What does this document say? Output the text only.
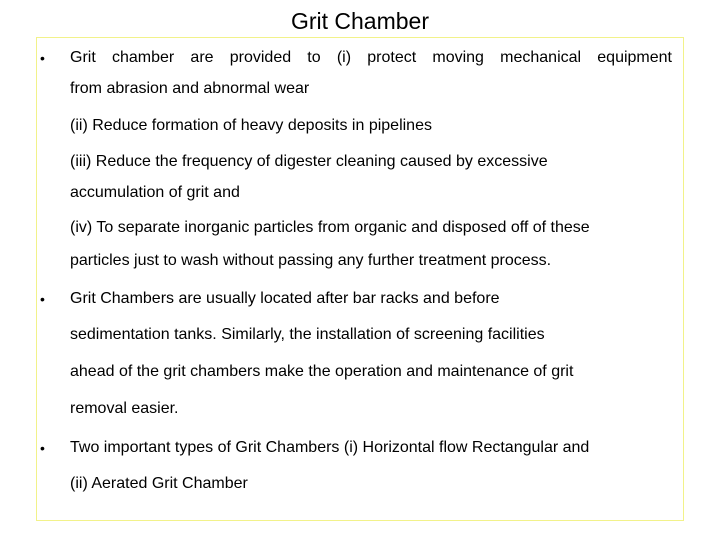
Grit Chamber
• Grit chamber are provided to (i) protect moving mechanical equipment

from abrasion and abnormal wear

(ii) Reduce formation of heavy deposits in pipelines

(iii) Reduce the frequency of digester cleaning caused by excessive

accumulation of grit and

(iv) To separate inorganic particles from organic and disposed off of these

particles just to wash without passing any further treatment process.

• Grit Chambers are usually located after bar racks and before

sedimentation tanks. Similarly, the installation of screening facilities

ahead of the grit chambers make the operation and maintenance of grit

removal easier.

• Two important types of Grit Chambers (i) Horizontal flow Rectangular and

(ii) Aerated Grit Chamber
